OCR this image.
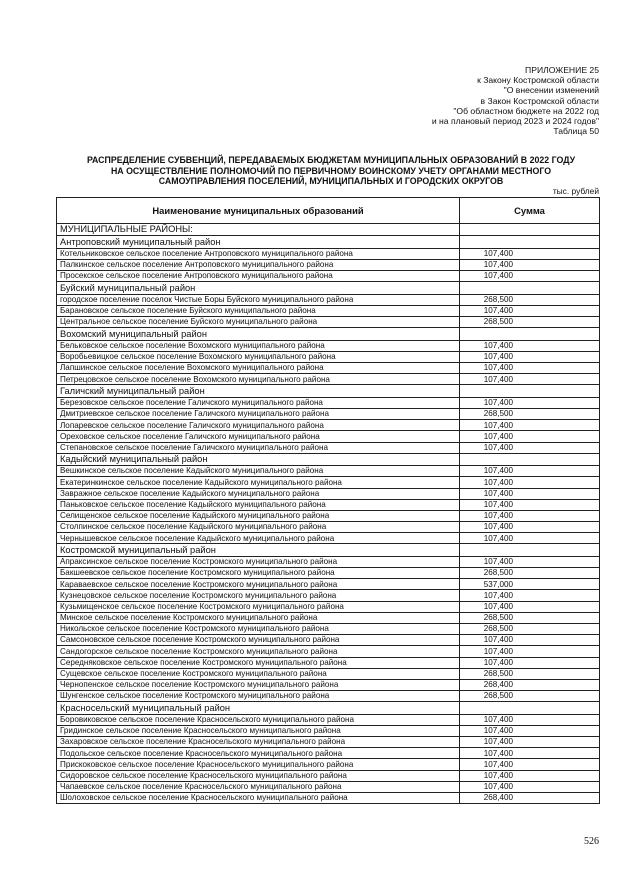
ПРИЛОЖЕНИЕ 25
к Закону Костромской области
"О внесении изменений
в Закон Костромской области
"Об областном бюджете на 2022 год
и на плановый период 2023 и 2024 годов"
Таблица 50
РАСПРЕДЕЛЕНИЕ СУБВЕНЦИЙ, ПЕРЕДАВАЕМЫХ БЮДЖЕТАМ МУНИЦИПАЛЬНЫХ ОБРАЗОВАНИЙ В 2022 ГОДУ
НА ОСУЩЕСТВЛЕНИЕ ПОЛНОМОЧИЙ ПО ПЕРВИЧНОМУ ВОИНСКОМУ УЧЕТУ ОРГАНАМИ МЕСТНОГО
САМОУПРАВЛЕНИЯ ПОСЕЛЕНИЙ, МУНИЦИПАЛЬНЫХ И ГОРОДСКИХ ОКРУГОВ
тыс. рублей
Наименование муниципальных образований	Сумма
МУНИЦИПАЛЬНЫЕ РАЙОНЫ:	
Антроповский муниципальный район	
Котельниковское сельское поселение Антроповского муниципального района	107,400
Палкинское сельское поселение Антроповского муниципального района	107,400
Просекское сельское поселение Антроповского муниципального района	107,400
Буйский муниципальный район	
городское поселение поселок Чистые Боры Буйского муниципального района	268,500
Барановское сельское поселение Буйского муниципального района	107,400
Центральное сельское поселение Буйского муниципального района	268,500
Вохомский муниципальный район	
Бельковское сельское поселение Вохомского муниципального района	107,400
Воробьевицкое сельское поселение Вохомского муниципального района	107,400
Лапшинское сельское поселение Вохомского муниципального района	107,400
Петрецовское сельское поселение Вохомского муниципального района	107,400
Галичский муниципальный район	
Березовское сельское поселение Галичского муниципального района	107,400
Дмитриевское сельское поселение Галичского муниципального района	268,500
Лопаревское сельское поселение Галичского муниципального района	107,400
Ореховское сельское поселение Галичского муниципального района	107,400
Степановское сельское поселение Галичского муниципального района	107,400
Кадыйский муниципальный район	
Вешкинское сельское поселение Кадыйского муниципального района	107,400
Екатеринкинское сельское поселение Кадыйского муниципального района	107,400
Завражное сельское поселение Кадыйского муниципального района	107,400
Паньковское сельское поселение Кадыйского муниципального района	107,400
Селищенское сельское поселение Кадыйского муниципального района	107,400
Столпинское сельское поселение Кадыйского муниципального района	107,400
Чернышевское сельское поселение Кадыйского муниципального района	107,400
Костромской муниципальный район	
Апраксинское сельское поселение Костромского муниципального района	107,400
Бакшеевское сельское поселение Костромского муниципального района	268,500
Караваевское сельское поселение Костромского муниципального района	537,000
Кузнецовское сельское поселение Костромского муниципального района	107,400
Кузьмищенское сельское поселение Костромского муниципального района	107,400
Минское сельское поселение Костромского муниципального района	268,500
Никольское сельское поселение Костромского муниципального района	268,500
Самсоновское сельское поселение Костромского муниципального района	107,400
Сандогорское сельское поселение Костромского муниципального района	107,400
Середняковское сельское поселение Костромского муниципального района	107,400
Сущевское сельское поселение Костромского муниципального района	268,500
Чернопенское сельское поселение Костромского муниципального района	268,400
Шунгенское сельское поселение Костромского муниципального района	268,500
Красносельский муниципальный район	
Боровиковское сельское поселение Красносельского муниципального района	107,400
Гридинское сельское поселение Красносельского муниципального района	107,400
Захаровское сельское поселение Красносельского муниципального района	107,400
Подольское сельское поселение Красносельского муниципального района	107,400
Прискоковское сельское поселение Красносельского муниципального района	107,400
Сидоровское сельское поселение Красносельского муниципального района	107,400
Чапаевское сельское поселение Красносельского муниципального района	107,400
Шолоховское сельское поселение Красносельского муниципального района	268,400
526
